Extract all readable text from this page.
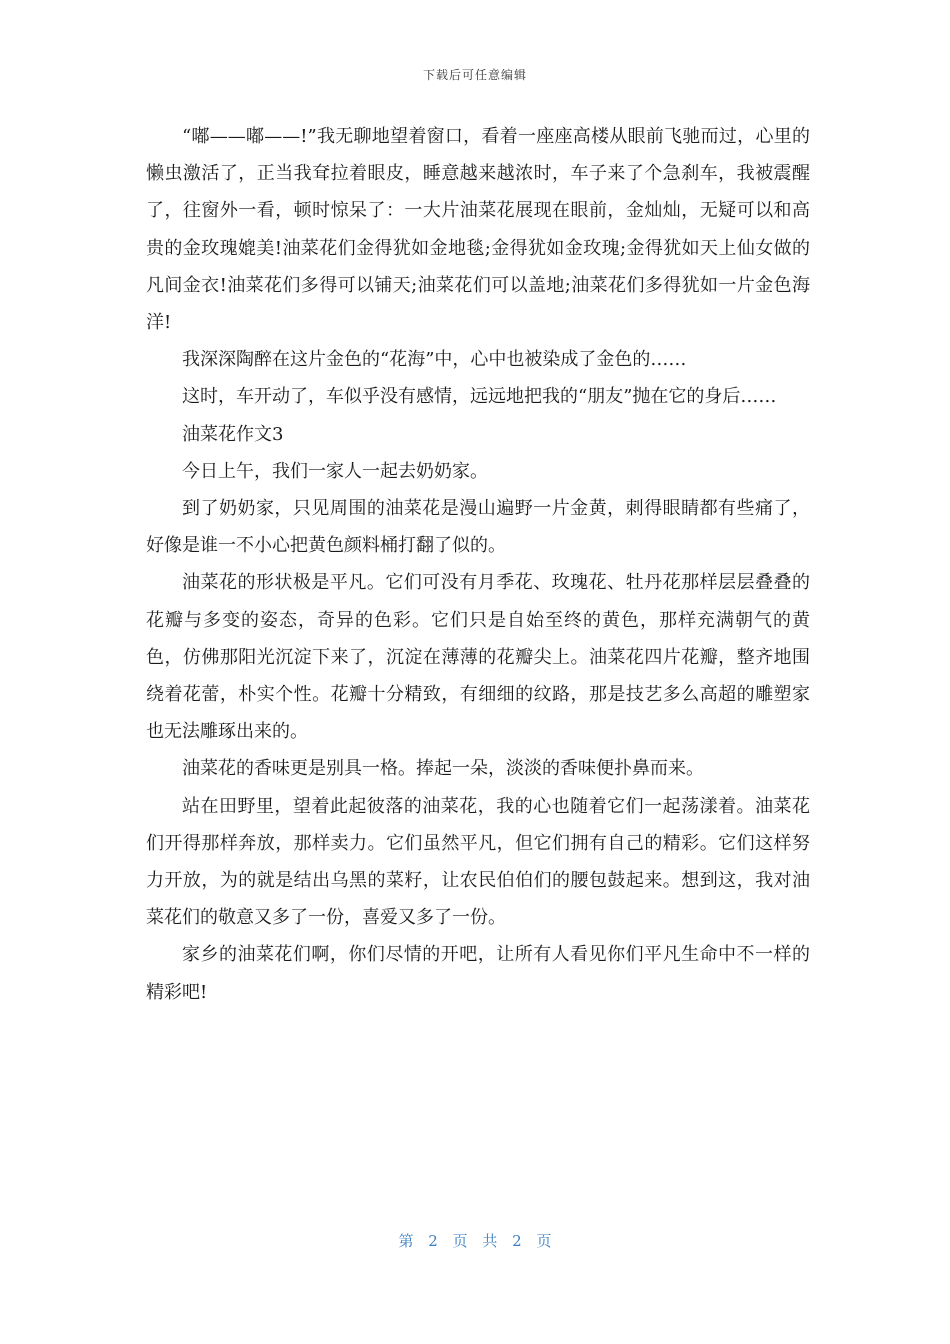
下载后可任意编辑

“嘟——嘟——!”我无聊地望着窗口，看着一座座高楼从眼前飞驰而过，心里的懒虫激活了，正当我耷拉着眼皮，睡意越来越浓时，车子来了个急刹车，我被震醒了，往窗外一看，顿时惊呆了：一大片油菜花展现在眼前，金灿灿，无疑可以和高贵的金玫瑰媲美!油菜花们金得犹如金地毯;金得犹如金玫瑰;金得犹如天上仙女做的凡间金衣!油菜花们多得可以铺天;油菜花们可以盖地;油菜花们多得犹如一片金色海洋!

我深深陶醉在这片金色的“花海”中，心中也被染成了金色的……

这时，车开动了，车似乎没有感情，远远地把我的“朋友”抛在它的身后……

油菜花作文3

今日上午，我们一家人一起去奶奶家。

到了奶奶家，只见周围的油菜花是漫山遍野一片金黄，刺得眼睛都有些痛了，好像是谁一不小心把黄色颜料桶打翻了似的。

油菜花的形状极是平凡。它们可没有月季花、玫瑰花、牡丹花那样层层叠叠的花瓣与多变的姿态，奇异的色彩。它们只是自始至终的黄色，那样充满朝气的黄色，仿佛那阳光沉淀下来了，沉淀在薄薄的花瓣尖上。油菜花四片花瓣，整齐地围绕着花蕾，朴实个性。花瓣十分精致，有细细的纹路，那是技艺多么高超的雕塑家也无法雕琢出来的。

油菜花的香味更是别具一格。捧起一朵，淡淡的香味便扑鼻而来。

站在田野里，望着此起彼落的油菜花，我的心也随着它们一起荡漾着。油菜花们开得那样奔放，那样卖力。它们虽然平凡，但它们拥有自己的精彩。它们这样努力开放，为的就是结出乌黑的菜籽，让农民伯伯们的腰包鼓起来。想到这，我对油菜花们的敬意又多了一份，喜爱又多了一份。

家乡的油菜花们啊，你们尽情的开吧，让所有人看见你们平凡生命中不一样的精彩吧!

第 2 页 共 2 页
